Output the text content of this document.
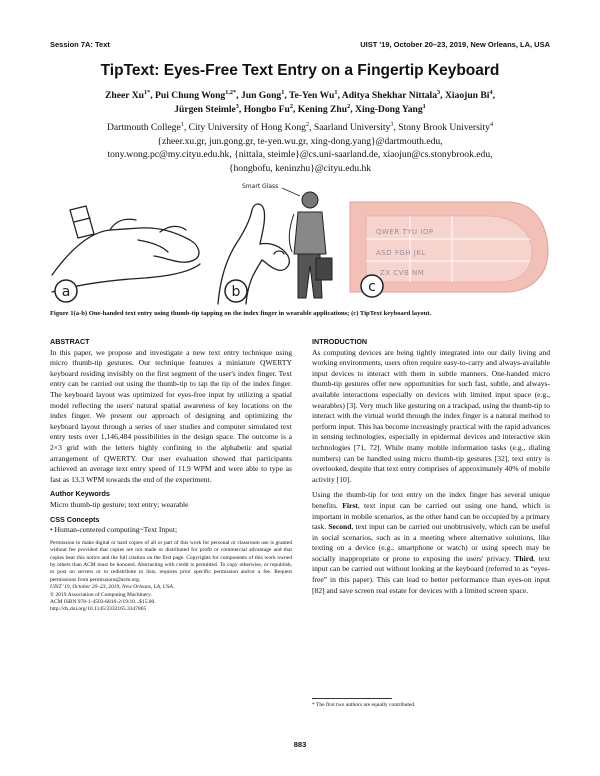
Session 7A: Text	UIST '19, October 20–23, 2019, New Orleans, LA, USA
TipText: Eyes-Free Text Entry on a Fingertip Keyboard
Zheer $Xu^{1*}$, Pui Chung Wong$^{1,2*}$, Jun Gong$^1$, Te-Yen Wu$^1$, Aditya Shekhar Nittala$^3$, Xiaojun Bi$^4$,
Jürgen Steimle$^3$, Hongbo Fu$^2$, Kening Zhu$^2$, Xing-Dong Yang$^1$
Dartmouth College$^1$, City University of Hong Kong$^2$, Saarland University$^3$, Stony Brook University$^4$
{zheer.xu.gr, jun.gong.gr, te-yen.wu.gr, xing-dong.yang}@dartmouth.edu,
tony.wong.pc@my.cityu.edu.hk, {nittala, steimle}@cs.uni-saarland.de, xiaojun@cs.stonybrook.edu,
{hongbofu, keninzhu}@cityu.edu.hk
Smart Glass
QWER TYU IOP
ASD FGH JKL
ZX CVB NM
a	b	c
Figure 1(a-b) One-handed text entry using thumb-tip tapping on the index finger in wearable applications; (c) TipText keyboard layout.
ABSTRACT
In this paper, we propose and investigate a new text entry technique using micro thumb-tip gestures. Our technique features a miniature QWERTY keyboard residing invisibly on the first segment of the user's index finger. Text entry can be carried out using the thumb-tip to tap the tip of the index finger. The keyboard layout was optimized for eyes-free input by utilizing a spatial model reflecting the users' natural spatial awareness of key locations on the index finger. We present our approach of designing and optimizing the keyboard layout through a series of user studies and computer simulated text entry tests over 1,146,484 possibilities in the design space. The outcome is a 2×3 grid with the letters highly confining to the alphabetic and spatial arrangement of QWERTY. Our user evaluation showed that participants achieved an average text entry speed of 11.9 WPM and were able to type as fast as 13.3 WPM towards the end of the experiment.
Author Keywords
Micro thumb-tip gesture; text entry; wearable
CSS Concepts
• Human-centered computing~Text Input;
Permission to make digital or hard copies of all or part of this work for personal or classroom use is granted without fee provided that copies are not made or distributed for profit or commercial advantage and that copies bear this notice and the full citation on the first page. Copyrights for components of this work owned by others than ACM must be honored. Abstracting with credit is permitted. To copy otherwise, or republish, to post on servers or to redistribute to lists, requires prior specific permission and/or a fee. Request permissions from permissions@acm.org.
UIST '19, October 20–23, 2019, New Orleans, LA, USA.
© 2019 Association of Computing Machinery.
ACM ISBN 978-1-4503-6816-2/19/10...$15.00.
http://dx.doi.org/10.1145/3332165.3347865
INTRODUCTION
As computing devices are being tightly integrated into our daily living and working environments, users often require easy-to-carry and always-available input devices to interact with them in subtle manners. One-handed micro thumb-tip gestures offer new opportunities for such fast, subtle, and always-available interactions especially on devices with limited input space (e.g., wearables) [3]. Very much like gesturing on a trackpad, using the thumb-tip to interact with the virtual world through the index finger is a natural method to perform input. This has become increasingly practical with the rapid advances in sensing technologies, especially in epidermal devices and interactive skin technologies [71, 72]. While many mobile information tasks (e.g., dialing numbers) can be handled using micro thumb-tip gestures [32], text entry is overlooked, despite that text entry comprises of approximately 40% of mobile activity [10].
Using the thumb-tip for text entry on the index finger has several unique benefits. First, text input can be carried out using one hand, which is important in mobile scenarios, as the other hand can be occupied by a primary task. Second, text input can be carried out unobtrusively, which can be useful in social scenarios, such as in a meeting where alternative solutions, like texting on a device (e.g., smartphone or watch) or using speech may be socially inappropriate or prone to exposing the users' privacy. Third, text input can be carried out without looking at the keyboard (referred to as “eyes-free” in this paper). This can lead to better performance than eyes-on input [82] and save screen real estate for devices with a limited screen space.
* The first two authors are equally contributed.
883
